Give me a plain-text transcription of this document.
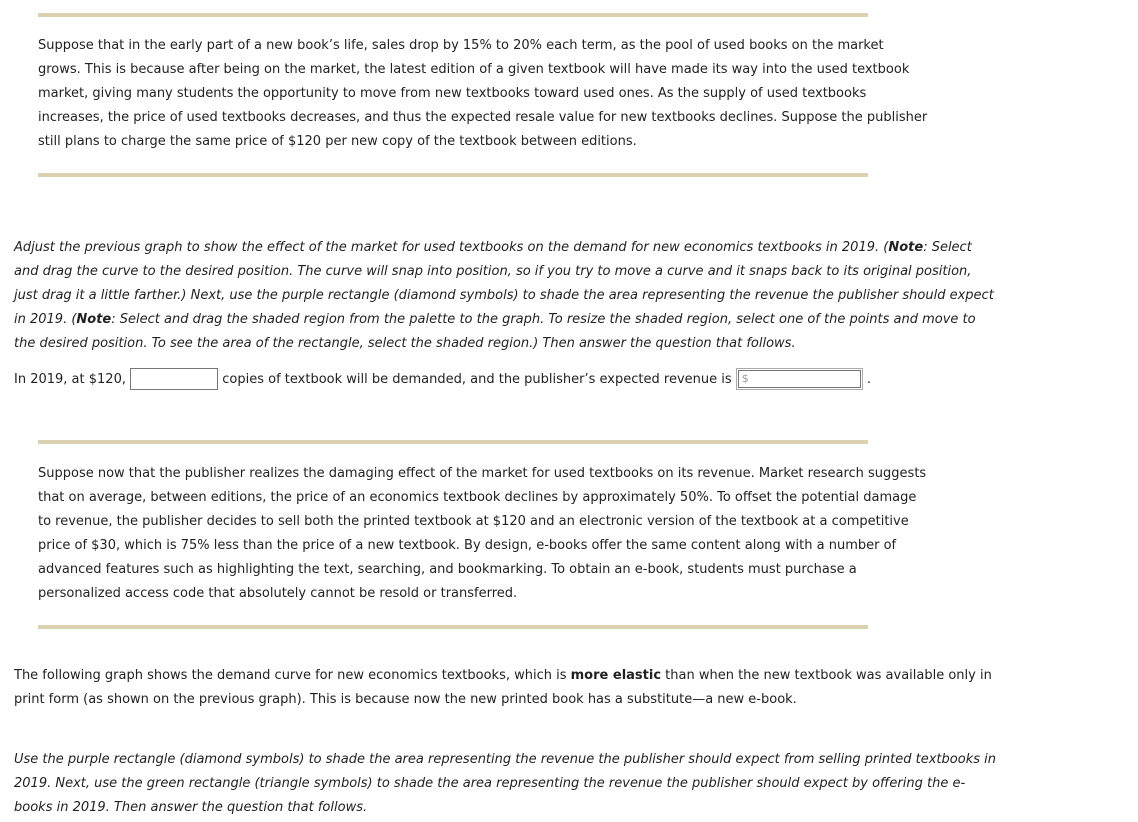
Suppose that in the early part of a new book’s life, sales drop by 15% to 20% each term, as the pool of used books on the market
grows. This is because after being on the market, the latest edition of a given textbook will have made its way into the used textbook
market, giving many students the opportunity to move from new textbooks toward used ones. As the supply of used textbooks
increases, the price of used textbooks decreases, and thus the expected resale value for new textbooks declines. Suppose the publisher
still plans to charge the same price of $120 per new copy of the textbook between editions.

Adjust the previous graph to show the effect of the market for used textbooks on the demand for new economics textbooks in 2019. (Note: Select
and drag the curve to the desired position. The curve will snap into position, so if you try to move a curve and it snaps back to its original position,
just drag it a little farther.) Next, use the purple rectangle (diamond symbols) to shade the area representing the revenue the publisher should expect
in 2019. (Note: Select and drag the shaded region from the palette to the graph. To resize the shaded region, select one of the points and move to
the desired position. To see the area of the rectangle, select the shaded region.) Then answer the question that follows.

In 2019, at $120,	copies of textbook will be demanded, and the publisher’s expected revenue is $	.

Suppose now that the publisher realizes the damaging effect of the market for used textbooks on its revenue. Market research suggests
that on average, between editions, the price of an economics textbook declines by approximately 50%. To offset the potential damage
to revenue, the publisher decides to sell both the printed textbook at $120 and an electronic version of the textbook at a competitive
price of $30, which is 75% less than the price of a new textbook. By design, e-books offer the same content along with a number of
advanced features such as highlighting the text, searching, and bookmarking. To obtain an e-book, students must purchase a
personalized access code that absolutely cannot be resold or transferred.

The following graph shows the demand curve for new economics textbooks, which is more elastic than when the new textbook was available only in
print form (as shown on the previous graph). This is because now the new printed book has a substitute—a new e-book.

Use the purple rectangle (diamond symbols) to shade the area representing the revenue the publisher should expect from selling printed textbooks in
2019. Next, use the green rectangle (triangle symbols) to shade the area representing the revenue the publisher should expect by offering the e-
books in 2019. Then answer the question that follows.
